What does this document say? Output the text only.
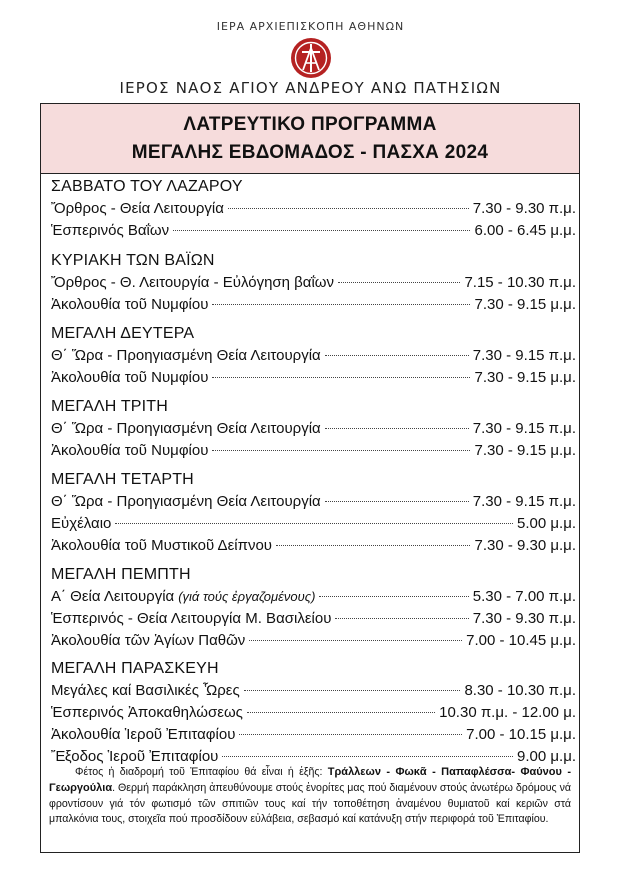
ΙΕΡΑ ΑΡΧΙΕΠΙΣΚΟΠΗ ΑΘΗΝΩΝ
ΙΕΡΟΣ ΝΑΟΣ ΑΓΙΟΥ ΑΝΔΡΕΟΥ ΑΝΩ ΠΑΤΗΣΙΩΝ
ΛΑΤΡΕΥΤΙΚΟ ΠΡΟΓΡΑΜΜΑ
ΜΕΓΑΛΗΣ ΕΒΔΟΜΑΔΟΣ - ΠΑΣΧΑ 2024
ΣΑΒΒΑΤΟ ΤΟΥ ΛΑΖΑΡΟΥ
Ὄρθρος - Θεία Λειτουργία	7.30 - 9.30 π.μ.
Ἑσπερινός Βαΐων	6.00 - 6.45 μ.μ.
ΚΥΡΙΑΚΗ ΤΩΝ ΒΑΪΩΝ
Ὄρθρος - Θ. Λειτουργία - Εὐλόγηση βαΐων	7.15 - 10.30 π.μ.
Ἀκολουθία τοῦ Νυμφίου	7.30 - 9.15 μ.μ.
ΜΕΓΑΛΗ ΔΕΥΤΕΡΑ
Θ΄ Ὥρα - Προηγιασμένη Θεία Λειτουργία	7.30 - 9.15 π.μ.
Ἀκολουθία τοῦ Νυμφίου	7.30 - 9.15 μ.μ.
ΜΕΓΑΛΗ ΤΡΙΤΗ
Θ΄ Ὥρα - Προηγιασμένη Θεία Λειτουργία	7.30 - 9.15 π.μ.
Ἀκολουθία τοῦ Νυμφίου	7.30 - 9.15 μ.μ.
ΜΕΓΑΛΗ ΤΕΤΑΡΤΗ
Θ΄ Ὥρα - Προηγιασμένη Θεία Λειτουργία	7.30 - 9.15 π.μ.
Εὐχέλαιο	5.00 μ.μ.
Ἀκολουθία τοῦ Μυστικοῦ Δείπνου	7.30 - 9.30 μ.μ.
ΜΕΓΑΛΗ ΠΕΜΠΤΗ
Α΄ Θεία Λειτουργία (γιά τούς ἐργαζομένους)	5.30 - 7.00 π.μ.
Ἑσπερινός - Θεία Λειτουργία Μ. Βασιλείου	7.30 - 9.30 π.μ.
Ἀκολουθία τῶν Ἁγίων Παθῶν	7.00 - 10.45 μ.μ.
ΜΕΓΑΛΗ ΠΑΡΑΣΚΕΥΗ
Μεγάλες καί Βασιλικές Ὧρες	8.30 - 10.30 π.μ.
Ἑσπερινός Ἀποκαθηλώσεως	10.30 π.μ. - 12.00 μ.
Ἀκολουθία Ἱεροῦ Ἐπιταφίου	7.00 - 10.15 μ.μ.
Ἔξοδος Ἱεροῦ Ἐπιταφίου	9.00 μ.μ.
Φέτος ἡ διαδρομή τοῦ Ἐπιταφίου θά εἶναι ἡ ἑξῆς: Τράλλεων - Φωκᾶ - Παπαφλέσσα- Φαύνου - Γεωργούλια. Θερμή παράκληση ἀπευθύνουμε στούς ἐνορίτες μας πού διαμένουν στούς ἀνωτέρω δρόμους νά φροντίσουν γιά τόν φωτισμό τῶν σπιτιῶν τους καί τήν τοποθέτηση ἀναμένου θυμιατοῦ καί κεριῶν στά μπαλκόνια τους, στοιχεῖα πού προσδίδουν εὐλάβεια, σεβασμό καί κατάνυξη στήν περιφορά τοῦ Ἐπιταφίου.
